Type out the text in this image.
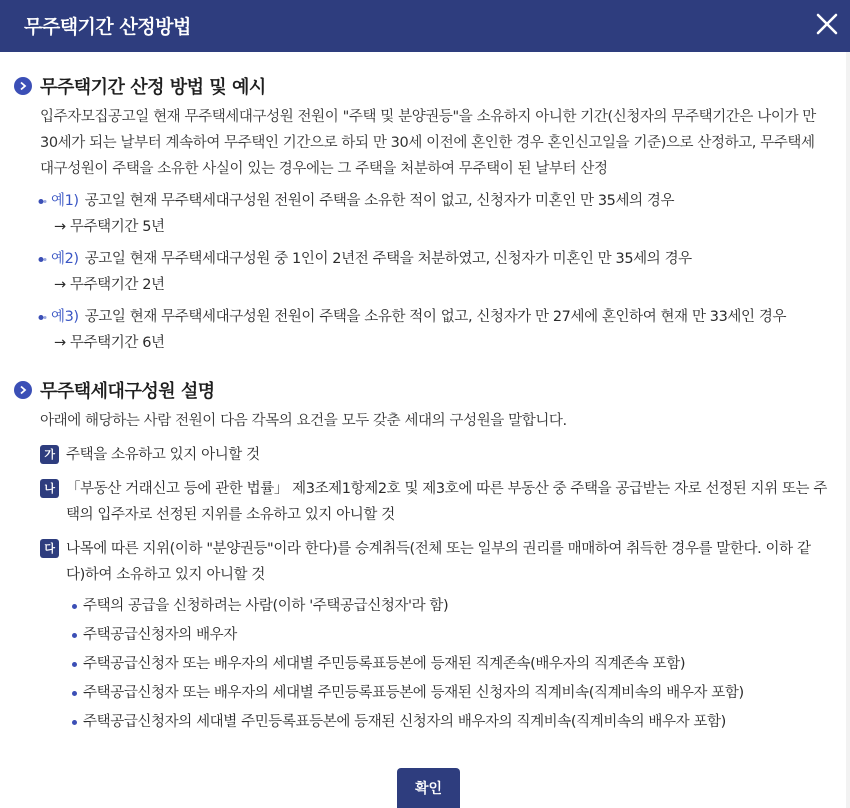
무주택기간 산정방법
무주택기간 산정 방법 및 예시
입주자모집공고일 현재 무주택세대구성원 전원이 "주택 및 분양권등"을 소유하지 아니한 기간(신청자의 무주택기간은 나이가 만 30세가 되는 날부터 계속하여 무주택인 기간으로 하되 만 30세 이전에 혼인한 경우 혼인신고일을 기준)으로 산정하고, 무주택세대구성원이 주택을 소유한 사실이 있는 경우에는 그 주택을 처분하여 무주택이 된 날부터 산정
예1) 공고일 현재 무주택세대구성원 전원이 주택을 소유한 적이 없고, 신청자가 미혼인 만 35세의 경우
→ 무주택기간 5년
예2) 공고일 현재 무주택세대구성원 중 1인이 2년전 주택을 처분하였고, 신청자가 미혼인 만 35세의 경우
→ 무주택기간 2년
예3) 공고일 현재 무주택세대구성원 전원이 주택을 소유한 적이 없고, 신청자가 만 27세에 혼인하여 현재 만 33세인 경우
→ 무주택기간 6년
무주택세대구성원 설명
아래에 해당하는 사람 전원이 다음 각목의 요건을 모두 갖춘 세대의 구성원을 말합니다.
가 주택을 소유하고 있지 아니할 것
나 「부동산 거래신고 등에 관한 법률」 제3조제1항제2호 및 제3호에 따른 부동산 중 주택을 공급받는 자로 선정된 지위 또는 주택의 입주자로 선정된 지위를 소유하고 있지 아니할 것
다 나목에 따른 지위(이하 "분양권등"이라 한다)를 승계취득(전체 또는 일부의 권리를 매매하여 취득한 경우를 말한다. 이하 같다)하여 소유하고 있지 아니할 것
주택의 공급을 신청하려는 사람(이하 '주택공급신청자'라 함)
주택공급신청자의 배우자
주택공급신청자 또는 배우자의 세대별 주민등록표등본에 등재된 직계존속(배우자의 직계존속 포함)
주택공급신청자 또는 배우자의 세대별 주민등록표등본에 등재된 신청자의 직계비속(직계비속의 배우자 포함)
주택공급신청자의 세대별 주민등록표등본에 등재된 신청자의 배우자의 직계비속(직계비속의 배우자 포함)
확인
